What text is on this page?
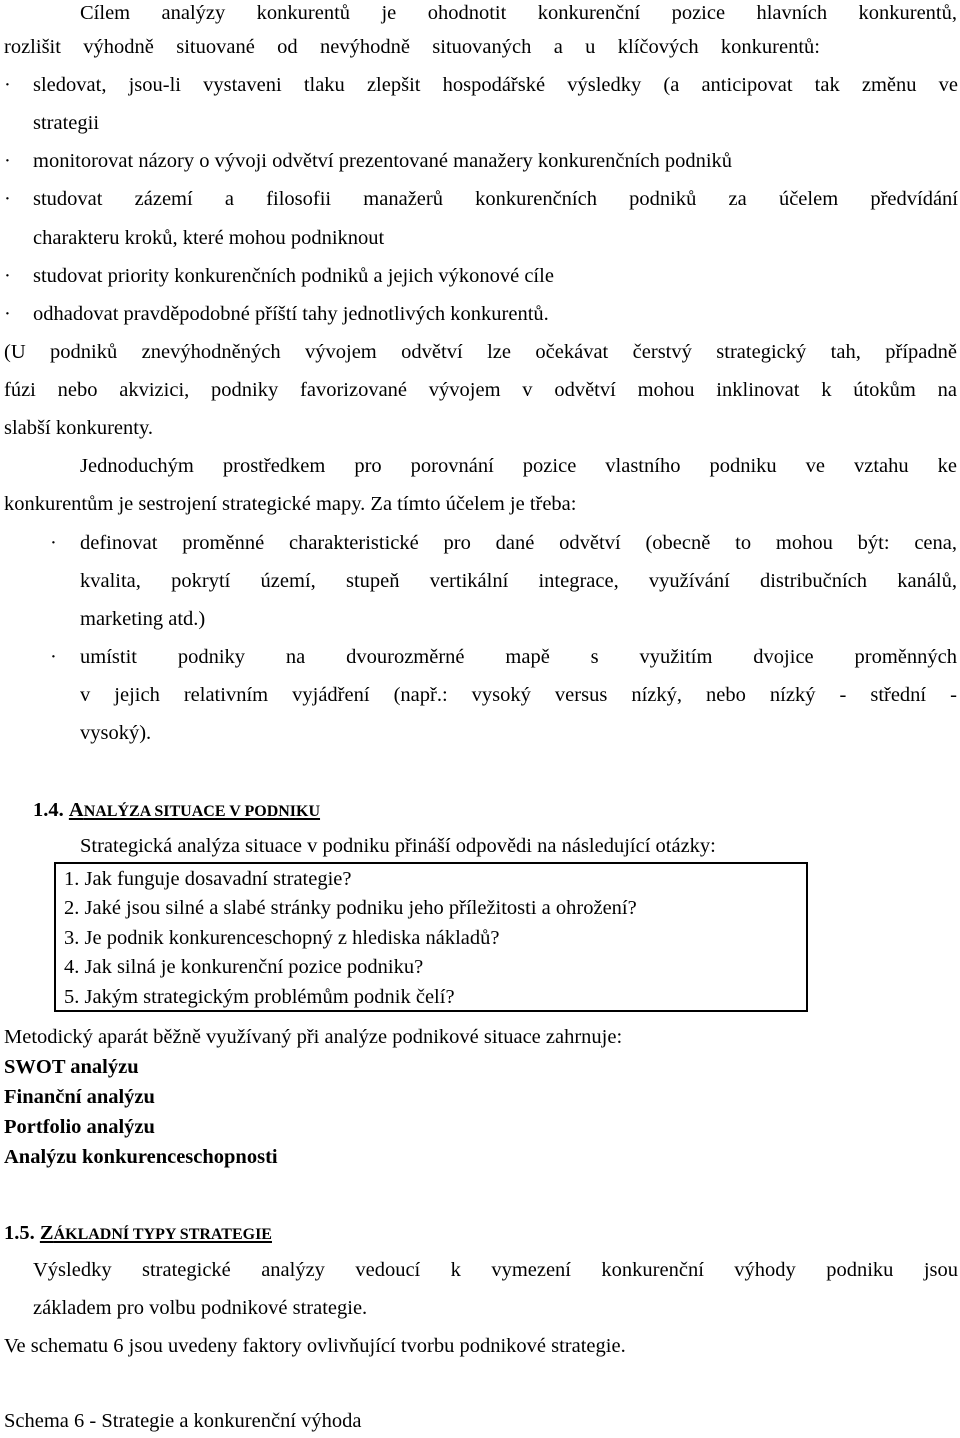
Cílem analýzy konkurentů je ohodnotit konkurenční pozice hlavních konkurentů,
rozlišit výhodně situované od nevýhodně situovaných a u klíčových konkurentů:
· sledovat, jsou-li vystaveni tlaku zlepšit hospodářské výsledky (a anticipovat tak změnu ve
strategii
· monitorovat názory o vývoji odvětví prezentované manažery konkurenčních podniků
· studovat zázemí a filosofii manažerů konkurenčních podniků za účelem předvídání
charakteru kroků, které mohou podniknout
· studovat priority konkurenčních podniků a jejich výkonové cíle
· odhadovat pravděpodobné příští tahy jednotlivých konkurentů.
(U podniků znevýhodněných vývojem odvětví lze očekávat čerstvý strategický tah, případně
fúzi nebo akvizici, podniky favorizované vývojem v odvětví mohou inklinovat k útokům na
slabší konkurenty.
Jednoduchým prostředkem pro porovnání pozice vlastního podniku ve vztahu ke
konkurentům je sestrojení strategické mapy. Za tímto účelem je třeba:
· definovat proměnné charakteristické pro dané odvětví (obecně to mohou být: cena,
kvalita, pokrytí území, stupeň vertikální integrace, využívání distribučních kanálů,
marketing atd.)
· umístit podniky na dvourozměrné mapě s využitím dvojice proměnných
v jejich relativním vyjádření (např.: vysoký versus nízký, nebo nízký - střední -
vysoký).
1.4. ANALÝZA SITUACE V PODNIKU
Strategická analýza situace v podniku přináší odpovědi na následující otázky:
1. Jak funguje dosavadní strategie?
2. Jaké jsou silné a slabé stránky podniku jeho příležitosti a ohrožení?
3. Je podnik konkurenceschopný z hlediska nákladů?
4. Jak silná je konkurenční pozice podniku?
5. Jakým strategickým problémům podnik čelí?
Metodický aparát běžně využívaný při analýze podnikové situace zahrnuje:
SWOT analýzu
Finanční analýzu
Portfolio analýzu
Analýzu konkurenceschopnosti
1.5. ZÁKLADNÍ TYPY STRATEGIE
Výsledky strategické analýzy vedoucí k vymezení konkurenční výhody podniku jsou
základem pro volbu podnikové strategie.
Ve schematu 6 jsou uvedeny faktory ovlivňující tvorbu podnikové strategie.
Schema 6 - Strategie a konkurenční výhoda
